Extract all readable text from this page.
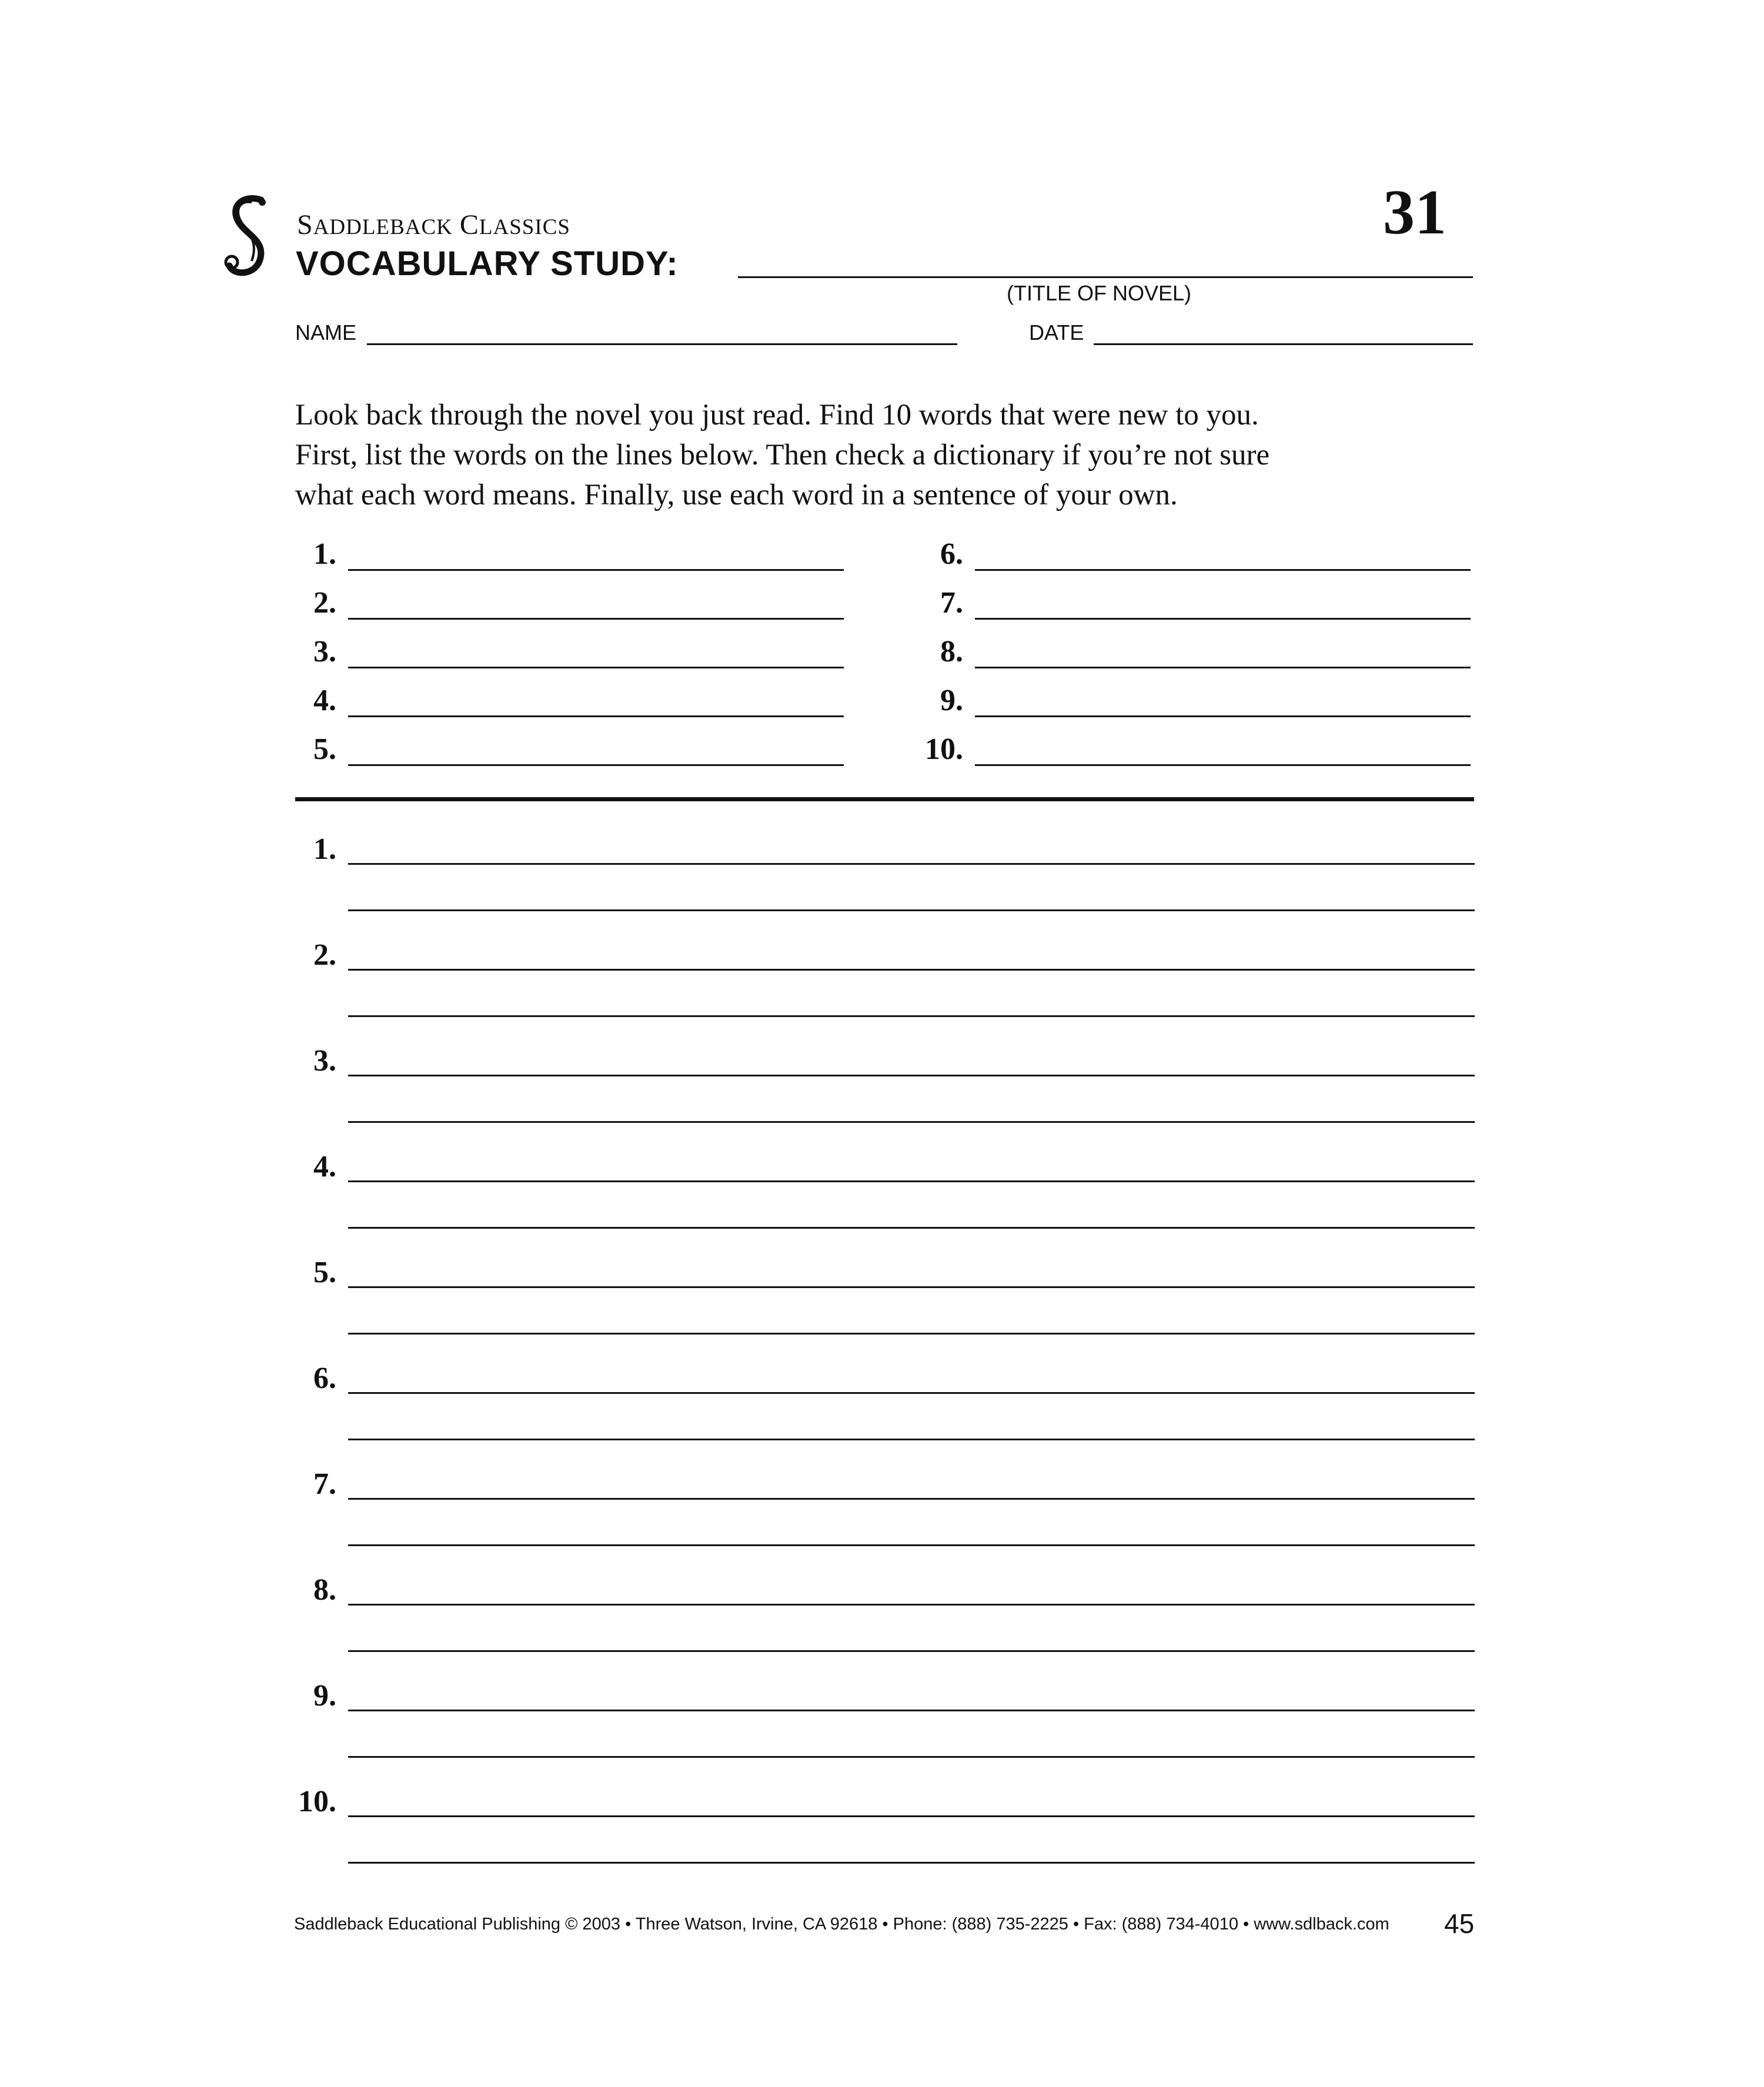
SADDLEBACK CLASSICS
VOCABULARY STUDY:
31
(TITLE OF NOVEL)
NAME	DATE

Look back through the novel you just read. Find 10 words that were new to you.

First, list the words on the lines below. Then check a dictionary if you’re not sure

what each word means. Finally, use each word in a sentence of your own.

1.
2.
3.
4.
5.
6.
7.
8.
9.
10.
1.
2.
3.
4.
5.
6.
7.
8.
9.
10.
Saddleback Educational Publishing © 2003 • Three Watson, Irvine, CA 92618 • Phone: (888) 735-2225 • Fax: (888) 734-4010 • www.sdlback.com 45
